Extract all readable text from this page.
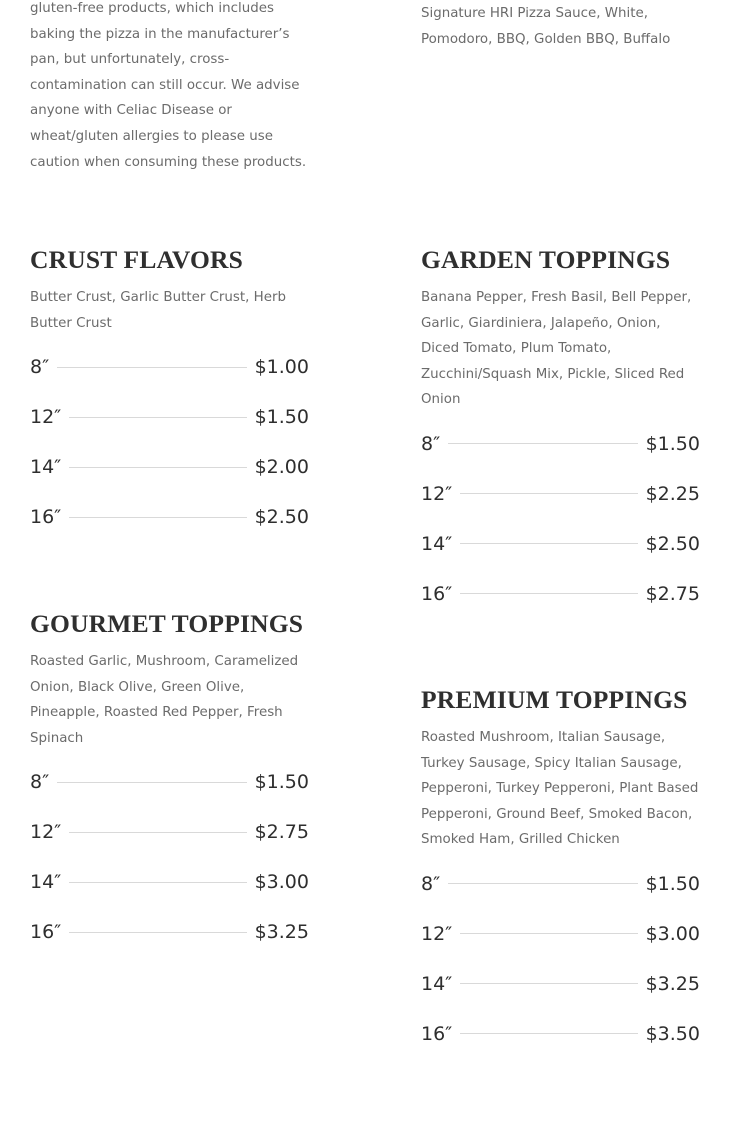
gluten-free products, which includes baking the pizza in the manufacturer’s pan, but unfortunately, cross-contamination can still occur. We advise anyone with Celiac Disease or wheat/gluten allergies to please use caution when consuming these products.

Signature HRI Pizza Sauce, White, Pomodoro, BBQ, Golden BBQ, Buffalo

CRUST FLAVORS

Butter Crust, Garlic Butter Crust, Herb Butter Crust

8″	$1.00
12″	$1.50
14″	$2.00
16″	$2.50
GARDEN TOPPINGS

Banana Pepper, Fresh Basil, Bell Pepper, Garlic, Giardiniera, Jalapeño, Onion, Diced Tomato, Plum Tomato, Zucchini/Squash Mix, Pickle, Sliced Red Onion

8″	$1.50
12″	$2.25
14″	$2.50
16″	$2.75
GOURMET TOPPINGS

Roasted Garlic, Mushroom, Caramelized Onion, Black Olive, Green Olive, Pineapple, Roasted Red Pepper, Fresh Spinach

8″	$1.50
12″	$2.75
14″	$3.00
16″	$3.25
PREMIUM TOPPINGS

Roasted Mushroom, Italian Sausage, Turkey Sausage, Spicy Italian Sausage, Pepperoni, Turkey Pepperoni, Plant Based Pepperoni, Ground Beef, Smoked Bacon, Smoked Ham, Grilled Chicken

8″	$1.50
12″	$3.00
14″	$3.25
16″	$3.50
